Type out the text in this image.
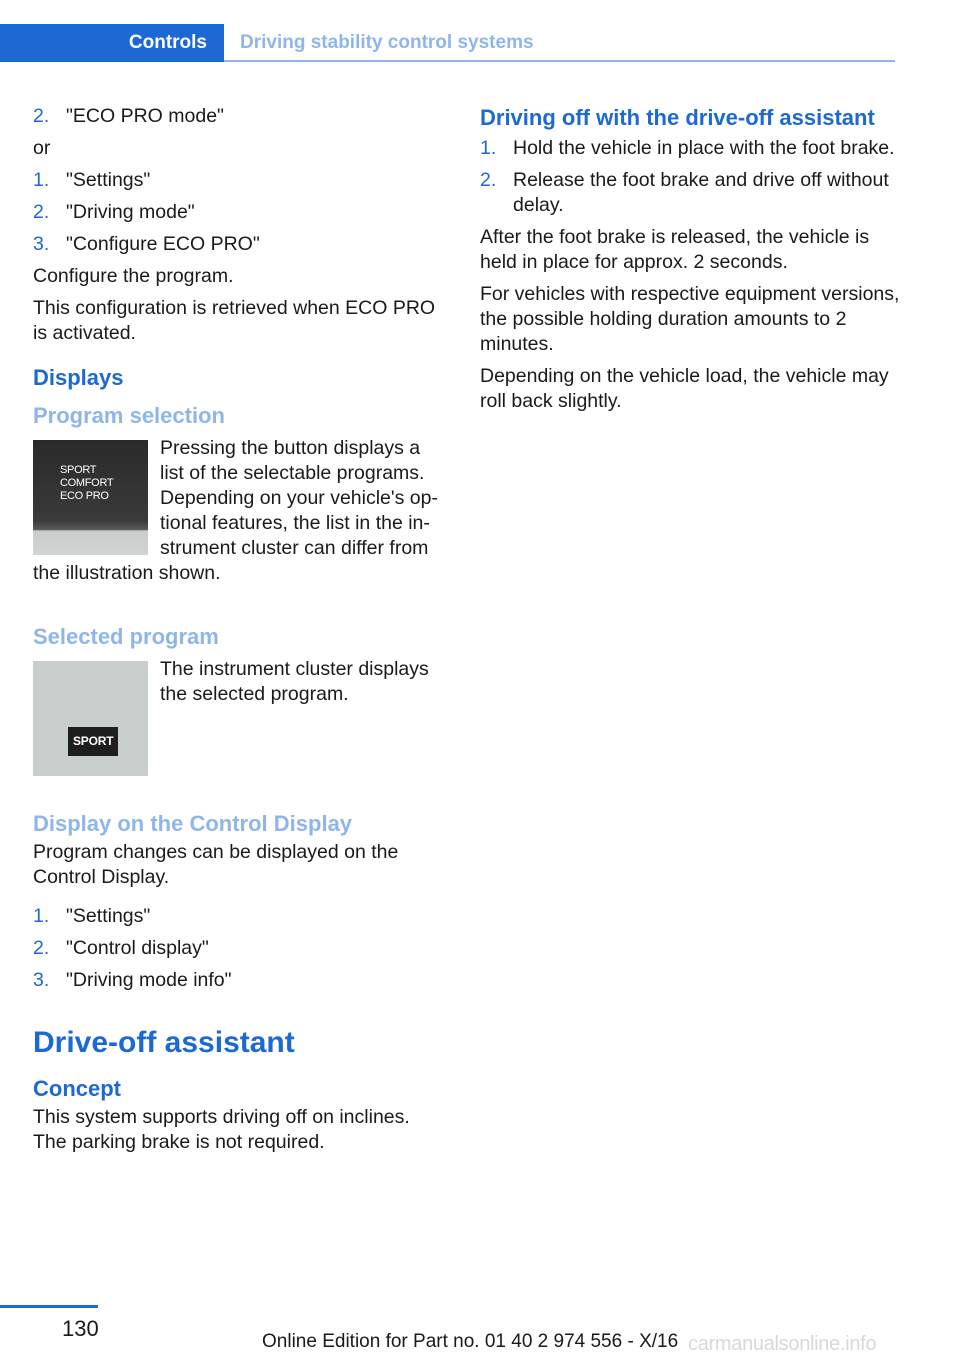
Controls	Driving stability control systems
2. "ECO PRO mode"

or

1. "Settings"
2. "Driving mode"
3. "Configure ECO PRO"

Configure the program.

This configuration is retrieved when ECO PRO is activated.

Displays
Program selection
SPORT
COMFORT
ECO PRO

Pressing the button displays a list of the selectable programs. Depending on your vehicle's optional features, the list in the instrument cluster can differ from the illustration shown.

Selected program
SPORT

The instrument cluster displays the selected program.

Display on the Control Display

Program changes can be displayed on the Control Display.

1. "Settings"
2. "Control display"
3. "Driving mode info"
Drive-off assistant
Concept

This system supports driving off on inclines. The parking brake is not required.

Driving off with the drive-off assistant
1. Hold the vehicle in place with the foot brake.
2. Release the foot brake and drive off without delay.

After the foot brake is released, the vehicle is held in place for approx. 2 seconds.

For vehicles with respective equipment versions, the possible holding duration amounts to 2 minutes.

Depending on the vehicle load, the vehicle may roll back slightly.

130
Online Edition for Part no. 01 40 2 974 556 - X/16 carmanualsonline.info
